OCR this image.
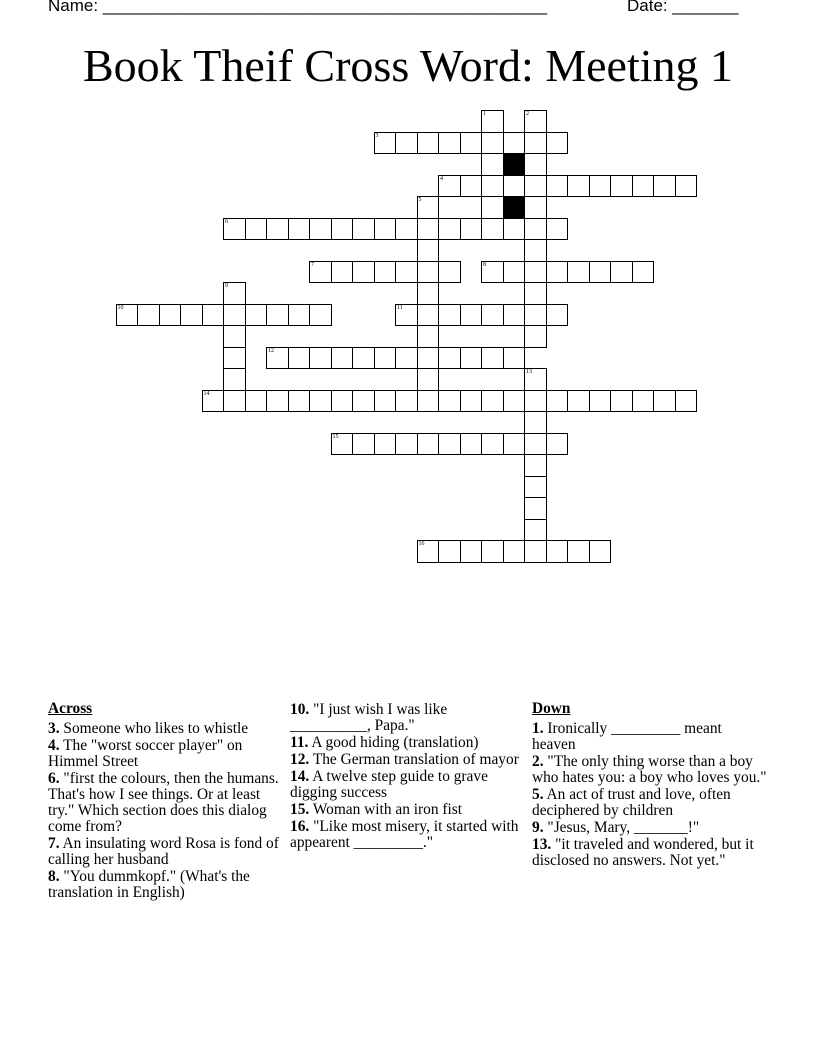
Name: _______________________________________________	Date: _______
Book Theif Cross Word: Meeting 1
1	2
3
4
5
6
7	8
9
10	11
12
13
14
15
16
Across
3. Someone who likes to whistle
4. The "worst soccer player" on Himmel Street
6. "first the colours, then the humans. That's how I see things. Or at least try." Which section does this dialog come from?
7. An insulating word Rosa is fond of calling her husband
8. "You dummkopf." (What's the translation in English)
10. "I just wish I was like __________, Papa."
11. A good hiding (translation)
12. The German translation of mayor
14. A twelve step guide to grave digging success
15. Woman with an iron fist
16. "Like most misery, it started with appearent _________."
Down
1. Ironically _________ meant heaven
2. "The only thing worse than a boy who hates you: a boy who loves you."
5. An act of trust and love, often deciphered by children
9. "Jesus, Mary, _______!"
13. "it traveled and wondered, but it disclosed no answers. Not yet."
